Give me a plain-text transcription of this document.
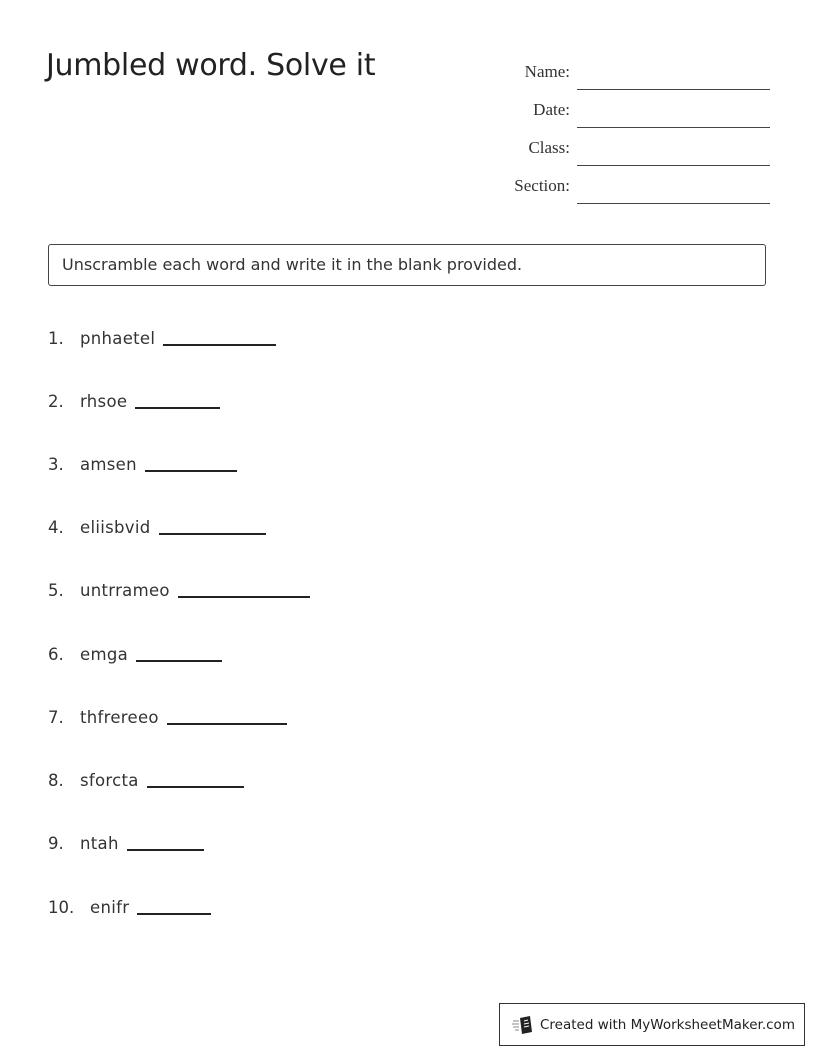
Jumbled word. Solve it	Name:
Date:
Class:
Section:
Unscramble each word and write it in the blank provided.
1. pnhaetel
2. rhsoe
3. amsen
4. eliisbvid
5. untrrameo
6. emga
7. thfrereeo
8. sforcta
9. ntah
10. enifr
Created with MyWorksheetMaker.com
